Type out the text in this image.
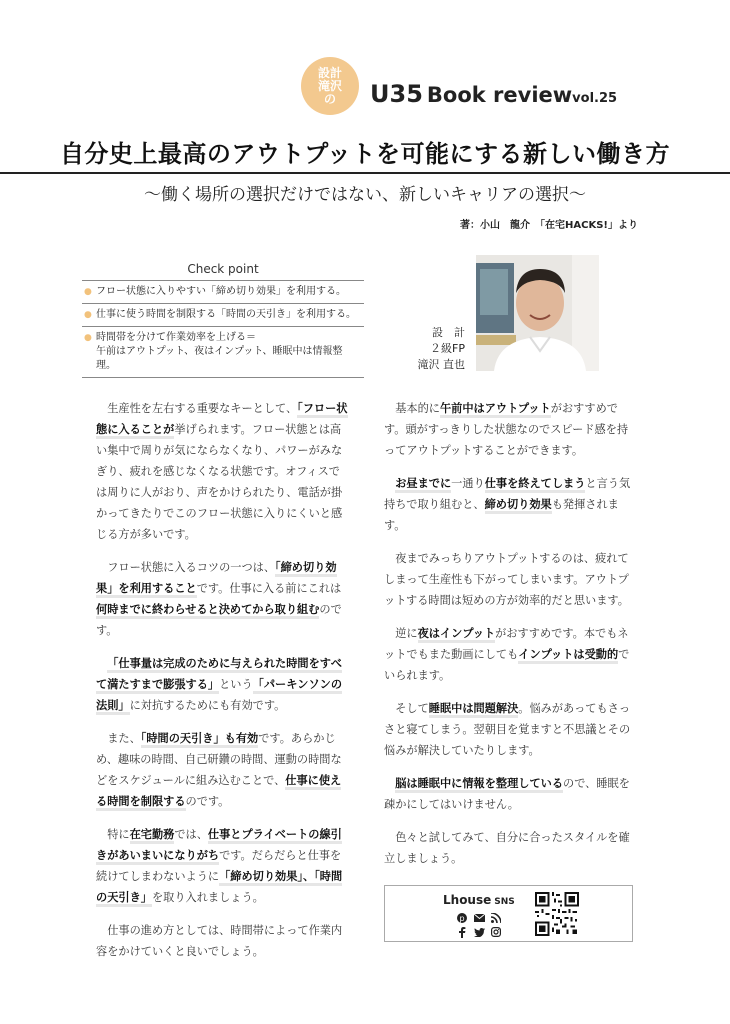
設計
滝沢
の U35 Book reviewvol.25
自分史上最高のアウトプットを可能にする新しい働き方
〜働く場所の選択だけではない、新しいキャリアの選択〜
著：小山　龍介　「在宅HACKS!」より
Check point
● フロー状態に入りやすい「締め切り効果」を利用する。
● 仕事に使う時間を制限する「時間の天引き」を利用する。
● 時間帯を分けて作業効率を上げる＝
午前はアウトプット、夜はインプット、睡眠中は情報整理。
設　計
２級FP
滝沢 直也

生産性を左右する重要なキーとして、「フロー状態に入ることが挙げられます。フロー状態とは高い集中で周りが気にならなくなり、パワーがみなぎり、疲れを感じなくなる状態です。オフィスでは周りに人がおり、声をかけられたり、電話が掛かってきたりでこのフロー状態に入りにくいと感じる方が多いです。

フロー状態に入るコツの一つは、「締め切り効果」を利用することです。仕事に入る前にこれは何時までに終わらせると決めてから取り組むのです。

「仕事量は完成のために与えられた時間をすべて満たすまで膨張する」という「パーキンソンの法則」に対抗するためにも有効です。

また、「時間の天引き」も有効です。あらかじめ、趣味の時間、自己研鑽の時間、運動の時間などをスケジュールに組み込むことで、仕事に使える時間を制限するのです。

特に在宅勤務では、仕事とプライベートの線引きがあいまいになりがちです。だらだらと仕事を続けてしまわないように「締め切り効果」、「時間の天引き」を取り入れましょう。

仕事の進め方としては、時間帯によって作業内容をかけていくと良いでしょう。

基本的に午前中はアウトプットがおすすめです。頭がすっきりした状態なのでスピード感を持ってアウトプットすることができます。

お昼までに一通り仕事を終えてしまうと言う気持ちで取り組むと、締め切り効果も発揮されます。

夜までみっちりアウトプットするのは、疲れてしまって生産性も下がってしまいます。アウトプットする時間は短めの方が効率的だと思います。

逆に夜はインプットがおすすめです。本でもネットでもまた動画にしてもインプットは受動的でいられます。

そして睡眠中は問題解決。悩みがあってもさっさと寝てしまう。翌朝目を覚ますと不思議とその悩みが解決していたりします。

脳は睡眠中に情報を整理しているので、睡眠を疎かにしてはいけません。

色々と試してみて、自分に合ったスタイルを確立しましょう。

Lhouse SNS
p
